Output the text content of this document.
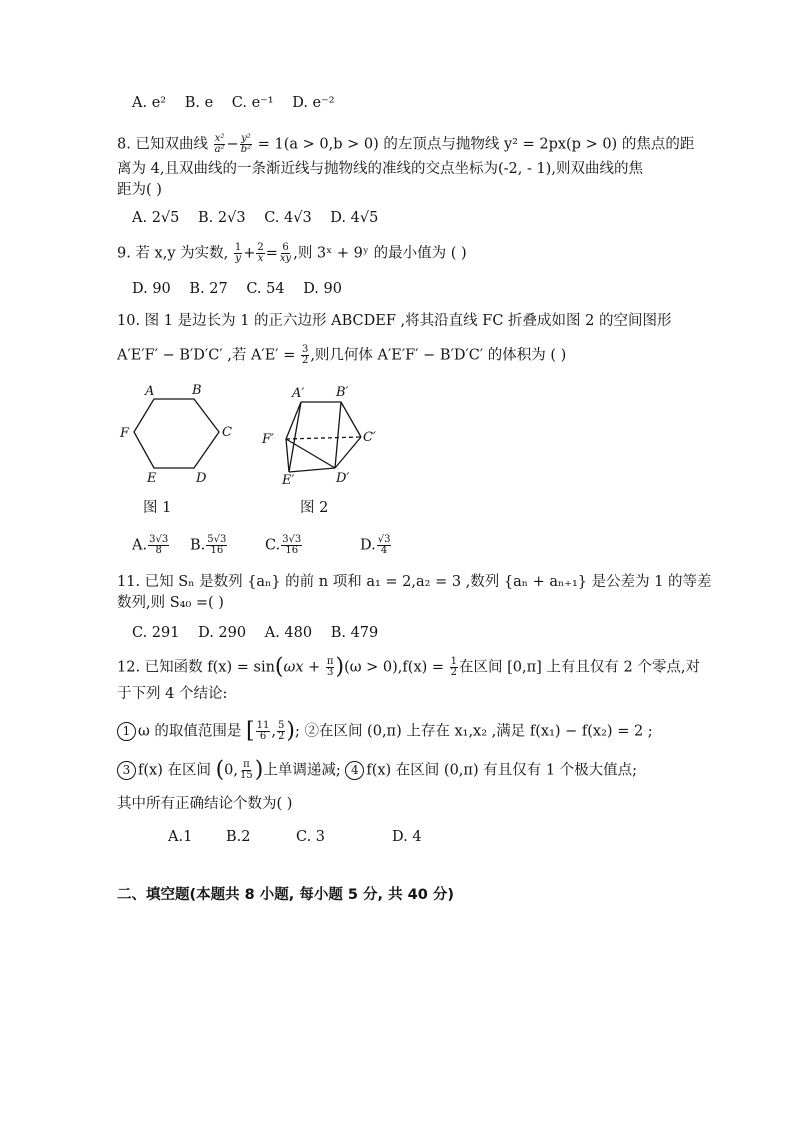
A. e² B. e C. e⁻¹ D. e⁻²
8. 已知双曲线 $\frac{\text{x²}}{\text{a²}} - \frac{\text{y²}}{\text{b²}} = 1(a > 0,b > 0)$ 的左顶点与抛物线 y² = 2px(p > 0) 的焦点的距
离为 4,且双曲线的一条渐近线与抛物线的准线的交点坐标为(-2, - 1),则双曲线的焦
距为( )
A. 2√5 B. 2√3 C. 4√3 D. 4√5
9. 若 x,y 为实数, $\frac{1}{y} + \frac{2}{x} = \frac{6}{xy}$ ,则 3ˣ + 9ʸ 的最小值为 ( )
D. 90 B. 27 C. 54 D. 90
10. 图 1 是边长为 1 的正六边形 ABCDEF ,将其沿直线 FC 折叠成如图 2 的空间图形
A′E′F′ − B′D′C′ ,若 $A'E' = \frac{3}{2}$ ,则几何体 A′E′F′ − B′D′C′ 的体积为 ( )
A	B
C
D
E
F
A′ B′
C′
D′
E′
F′
图 1	图 2
A. $\frac{3√3}{8} B$. $\frac{5√3}{16}$	C. $\frac{3√3}{16}$	D. $\frac{√3}{4}$
11. 已知 Sₙ 是数列 {aₙ} 的前 n 项和 a₁ = 2,a₂ = 3 ,数列 {aₙ + aₙ₊₁} 是公差为 1 的等差
数列,则 S₄₀ =( )
C. 291 D. 290 A. 480 B. 479
12. 已知函数 $f(x) = \sin(\omega x + \frac{\pi}{3} )(\omega > 0),f(x) = \frac{1}{2}$ 在区间 [0,π] 上有且仅有 2 个零点,对
于下列 4 个结论:
1 ω 的取值范围是 [ $\frac{11}{6}$ , $\frac{5}{2}$ ); ②在区间 (0,π) 上存在 x₁,x₂ ,满足 f(x₁) − f(x₂) = 2 ;
3 f(x) 在区间 (0, $\frac{\pi}{15}$ )上单调递减; 4 f(x) 在区间 (0,π) 有且仅有 1 个极大值点;
其中所有正确结论个数为( )
A.1 B.2	C. 3	D. 4
二、填空题(本题共 8 小题, 每小题 5 分, 共 40 分)
